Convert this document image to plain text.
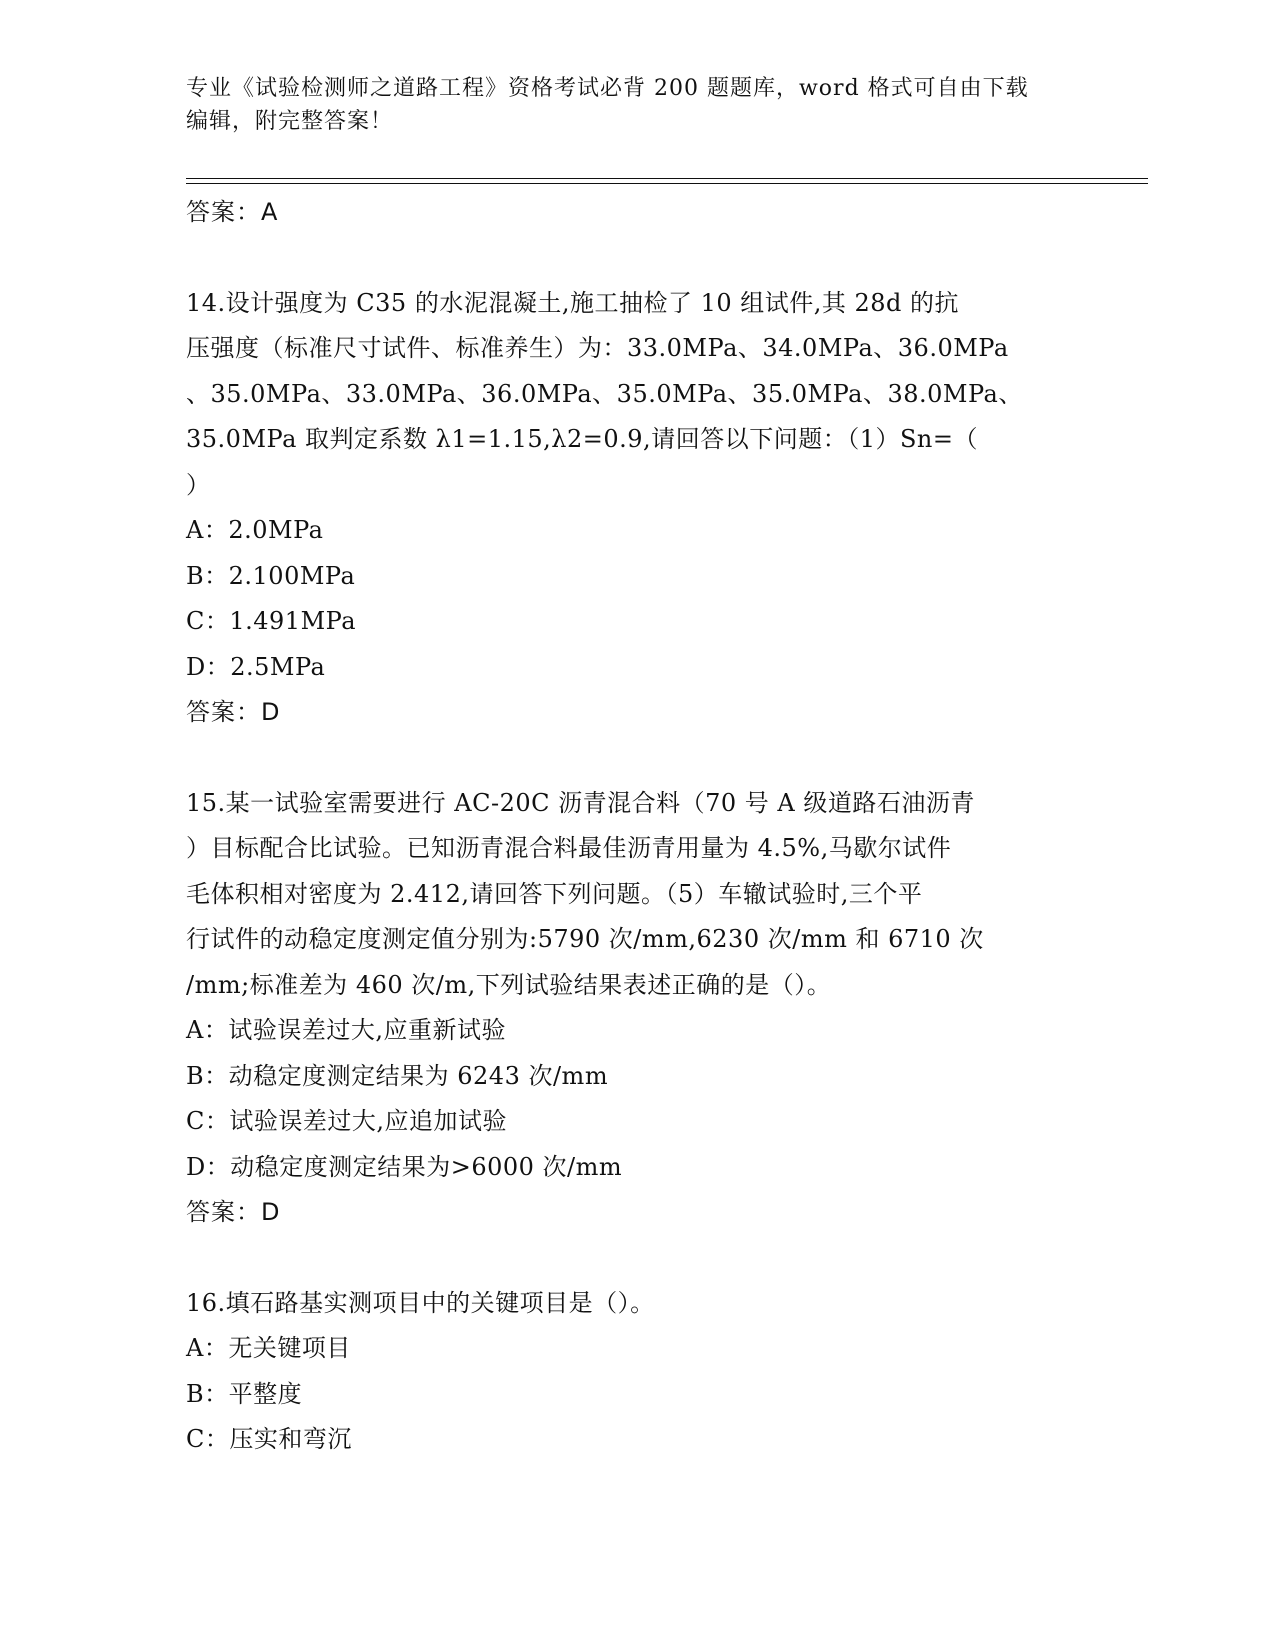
专业《试验检测师之道路工程》资格考试必背 200 题题库，word 格式可自由下载
编辑，附完整答案！
答案：A
14.设计强度为 C35 的水泥混凝土,施工抽检了 10 组试件,其 28d 的抗
压强度（标准尺寸试件、标准养生）为：33.0MPa、34.0MPa、36.0MPa
、35.0MPa、33.0MPa、36.0MPa、35.0MPa、35.0MPa、38.0MPa、
35.0MPa 取判定系数 λ1=1.15,λ2=0.9,请回答以下问题：（1）Sn=（
）
A：2.0MPa
B：2.100MPa
C：1.491MPa
D：2.5MPa
答案：D
15.某一试验室需要进行 AC-20C 沥青混合料（70 号 A 级道路石油沥青
）目标配合比试验。已知沥青混合料最佳沥青用量为 4.5%,马歇尔试件
毛体积相对密度为 2.412,请回答下列问题。（5）车辙试验时,三个平
行试件的动稳定度测定值分别为:5790 次/mm,6230 次/mm 和 6710 次
/mm;标准差为 460 次/m,下列试验结果表述正确的是（）。
A：试验误差过大,应重新试验
B：动稳定度测定结果为 6243 次/mm
C：试验误差过大,应追加试验
D：动稳定度测定结果为>6000 次/mm
答案：D
16.填石路基实测项目中的关键项目是（）。
A：无关键项目
B：平整度
C：压实和弯沉
